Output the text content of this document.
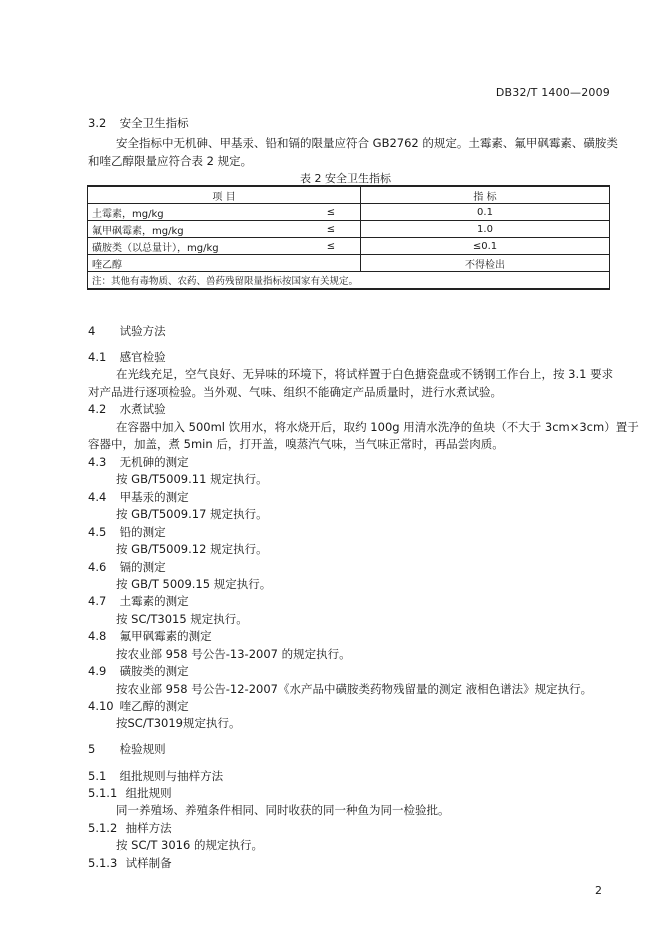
DB32/T 1400—2009
3.2 安全卫生指标
安全指标中无机砷、甲基汞、铅和镉的限量应符合 GB2762 的规定。土霉素、氟甲砜霉素、磺胺类
和喹乙醇限量应符合表 2 规定。
表 2 安全卫生指标
项 目		指 标
土霉素，mg/kg	≤	0.1
氟甲砜霉素，mg/kg	≤	1.0
磺胺类（以总量计），mg/kg	≤	≤0.1
喹乙醇		不得检出
注：其他有毒物质、农药、兽药残留限量指标按国家有关规定。		
4 试验方法
4.1 感官检验
在光线充足，空气良好、无异味的环境下，将试样置于白色搪瓷盘或不锈钢工作台上，按 3.1 要求
对产品进行逐项检验。当外观、气味、组织不能确定产品质量时，进行水煮试验。
4.2 水煮试验
在容器中加入 500ml 饮用水，将水烧开后，取约 100g 用清水洗净的鱼块（不大于 3cm×3cm）置于
容器中，加盖，煮 5min 后，打开盖，嗅蒸汽气味，当气味正常时，再品尝肉质。
4.3 无机砷的测定
按 GB/T5009.11 规定执行。
4.4 甲基汞的测定
按 GB/T5009.17 规定执行。
4.5 铅的测定
按 GB/T5009.12 规定执行。
4.6 镉的测定
按 GB/T 5009.15 规定执行。
4.7 土霉素的测定
按 SC/T3015 规定执行。
4.8 氟甲砜霉素的测定
按农业部 958 号公告-13-2007 的规定执行。
4.9 磺胺类的测定
按农业部 958 号公告-12-2007《水产品中磺胺类药物残留量的测定 液相色谱法》规定执行。
4.10 喹乙醇的测定
按SC/T3019规定执行。
5 检验规则
5.1 组批规则与抽样方法
5.1.1 组批规则
同一养殖场、养殖条件相同、同时收获的同一种鱼为同一检验批。
5.1.2 抽样方法
按 SC/T 3016 的规定执行。
5.1.3 试样制备
2
